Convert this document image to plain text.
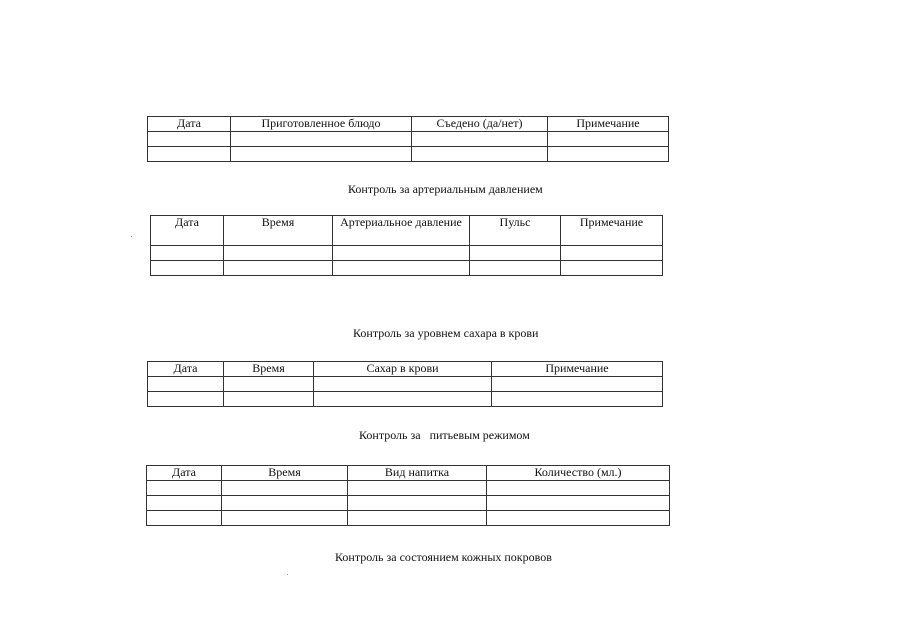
Дата	Приготовленное блюдо	Съедено (да/нет)	Примечание

Контроль за артериальным давлением
Дата	Время	Артериальное давление	Пульс	Примечание

Контроль за уровнем сахара в крови
Дата	Время	Сахар в крови	Примечание

Контроль за   питьевым режимом
Дата	Время	Вид напитка	Количество (мл.)

Контроль за состоянием кожных покровов
